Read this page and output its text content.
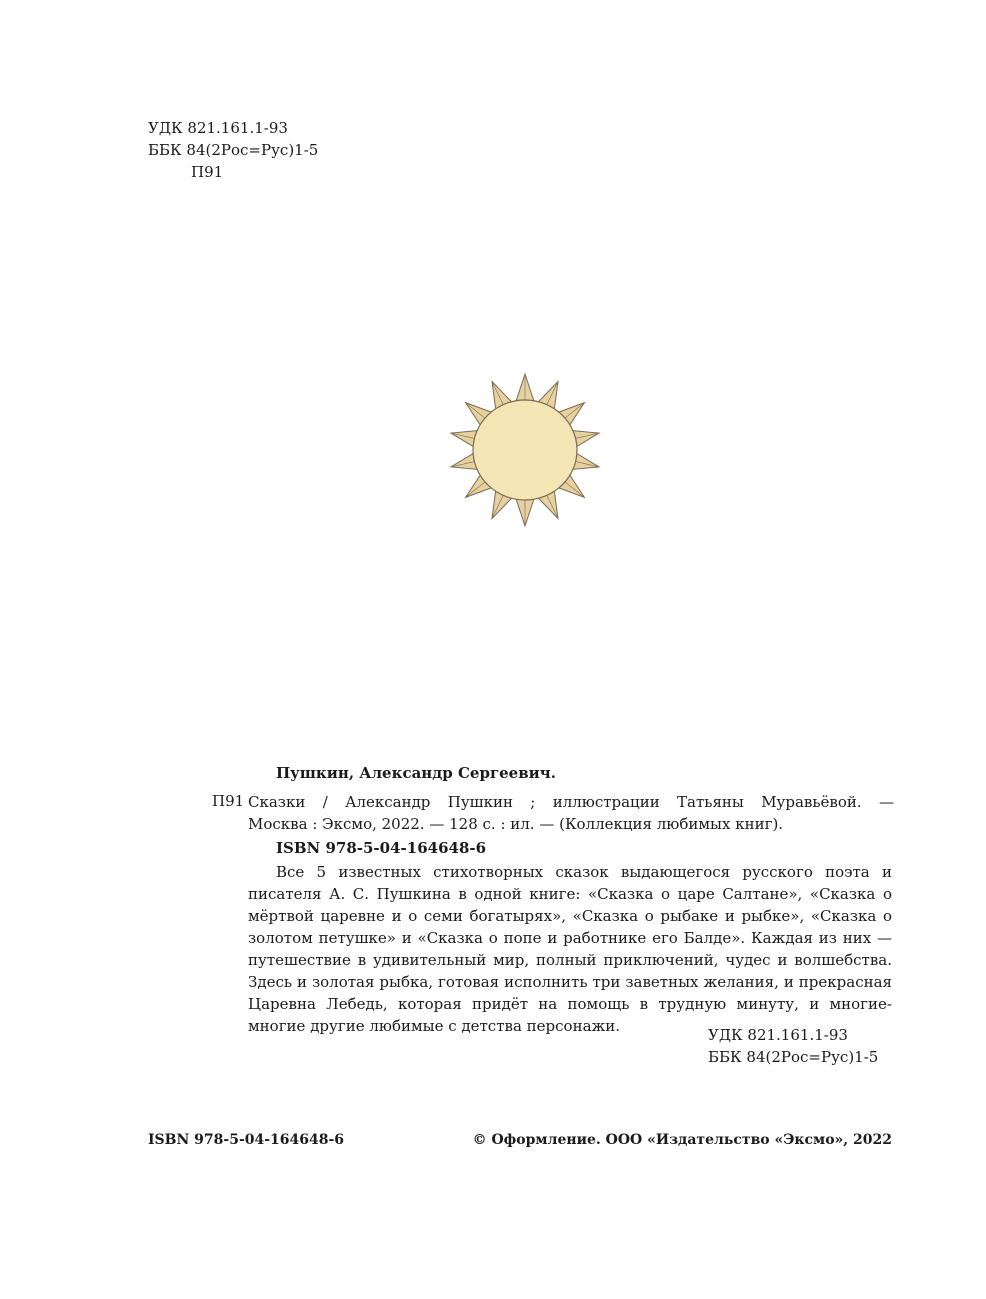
УДК 821.161.1-93
ББК 84(2Рос=Рус)1-5
П91
Пушкин, Александр Сергеевич.
П91 Сказки / Александр Пушкин ; иллюстрации Татьяны Муравьёвой. —
Москва : Эксмо, 2022. — 128 с. : ил. — (Коллекция любимых книг).
ISBN 978-5-04-164648-6
Все 5 известных стихотворных сказок выдающегося русского поэта и писателя А. С. Пушкина в одной книге: «Сказка о царе Салтане», «Сказка о мёртвой царевне и о семи богатырях», «Сказка о рыбаке и рыбке», «Сказка о золотом петушке» и «Сказка о попе и работнике его Балде». Каждая из них — путешествие в удивительный мир, полный приключений, чудес и волшебства. Здесь и золотая рыбка, готовая исполнить три заветных желания, и прекрасная Царевна Лебедь, которая придёт на помощь в трудную минуту, и многие-многие другие любимые с детства персонажи.	УДК 821.161.1-93
ББК 84(2Рос=Рус)1-5
ISBN 978-5-04-164648-6	© Оформление. ООО «Издательство «Эксмо», 2022
